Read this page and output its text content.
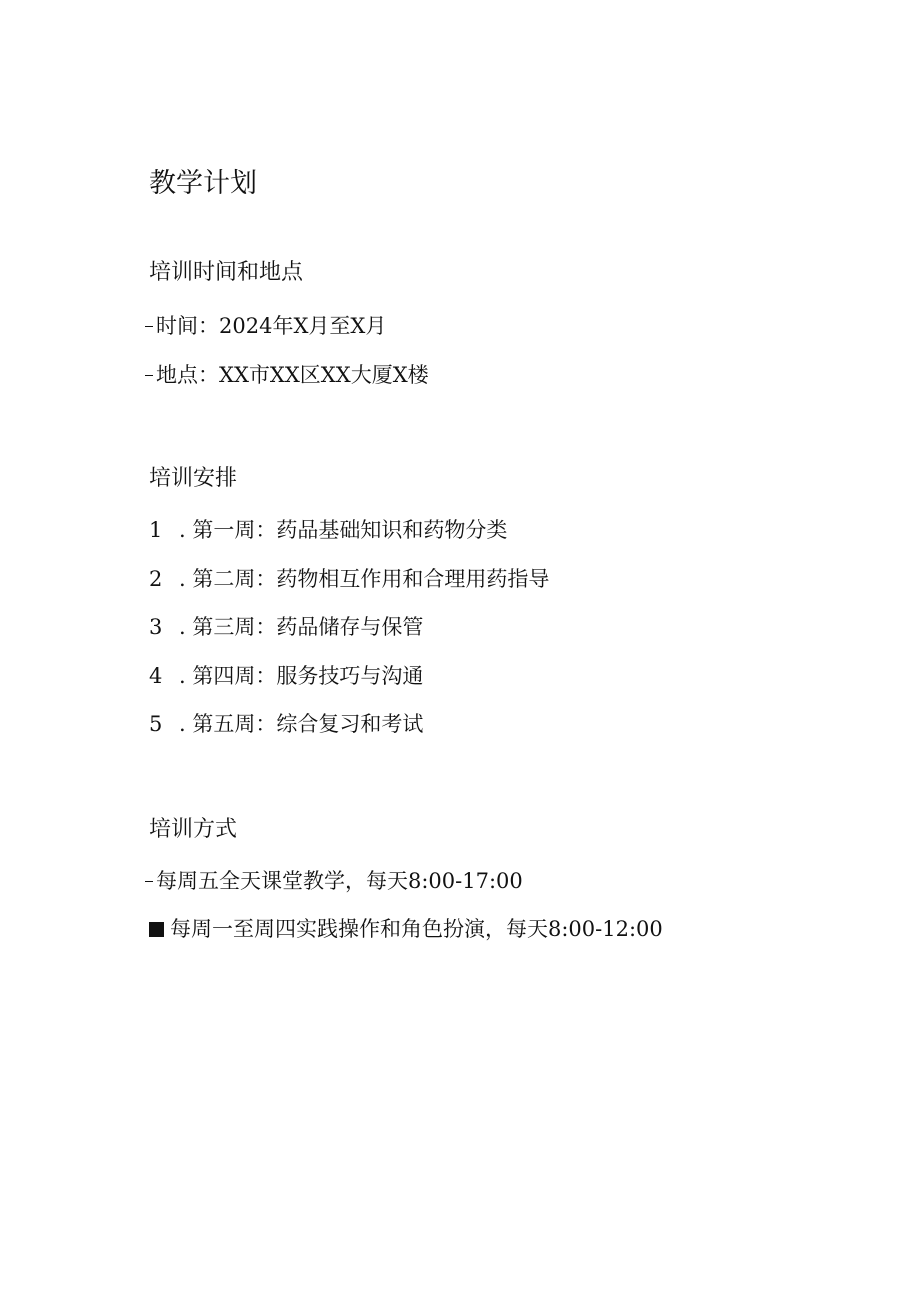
教学计划
培训时间和地点
时间：2024年X月至X月
地点：XX市XX区XX大厦X楼
培训安排
1 . 第一周：药品基础知识和药物分类
2 . 第二周：药物相互作用和合理用药指导
3 . 第三周：药品储存与保管
4 . 第四周：服务技巧与沟通
5 . 第五周：综合复习和考试
培训方式
每周五全天课堂教学，每天8:00-17:00
每周一至周四实践操作和角色扮演，每天8:00-12:00
